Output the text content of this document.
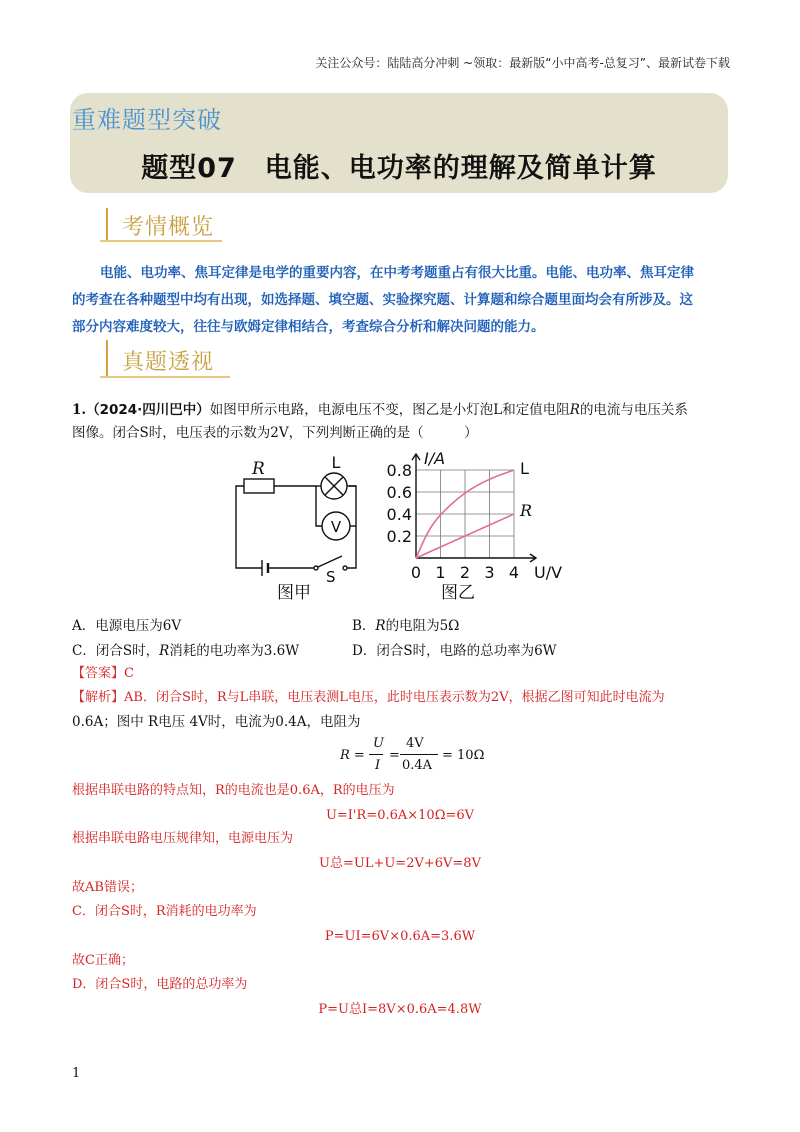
关注公众号：陆陆高分冲刺 ~领取：最新版“小中高考-总复习”、最新试卷下载
重难题型突破
题型07　电能、电功率的理解及简单计算
考情概览
电能、电功率、焦耳定律是电学的重要内容，在中考考题重占有很大比重。电能、电功率、焦耳定律
的考查在各种题型中均有出现，如选择题、填空题、实验探究题、计算题和综合题里面均会有所涉及。这
部分内容难度较大，往往与欧姆定律相结合，考查综合分析和解决问题的能力。
真题透视
1.（2024·四川巴中）如图甲所示电路，电源电压不变，图乙是小灯泡L和定值电阻R的电流与电压关系
图像。闭合S时，电压表的示数为2V，下列判断正确的是（　　　）
V
R	L
S
图甲
0 1 2 3 4
0.2
0.4
0.6
0.8
I/A
U/V
L
R
图乙
A．电源电压为6V	B．R的电阻为5Ω
C．闭合S时，R消耗的电功率为3.6W	D．闭合S时，电路的总功率为6W
【答案】C
【解析】AB．闭合S时，R与L串联，电压表测L电压，此时电压表示数为2V，根据乙图可知此时电流为
0.6A；图中 R电压 4V时，电流为0.4A，电阻为
R =
U
I
=
4V
0.4A
= 10Ω
根据串联电路的特点知，R的电流也是0.6A，R的电压为
U=I'R=0.6A×10Ω=6V
根据串联电路电压规律知，电源电压为
U总=UL+U=2V+6V=8V
故AB错误；
C．闭合S时，R消耗的电功率为
P=UI=6V×0.6A=3.6W
故C正确；
D．闭合S时，电路的总功率为
P=U总I=8V×0.6A=4.8W
1
